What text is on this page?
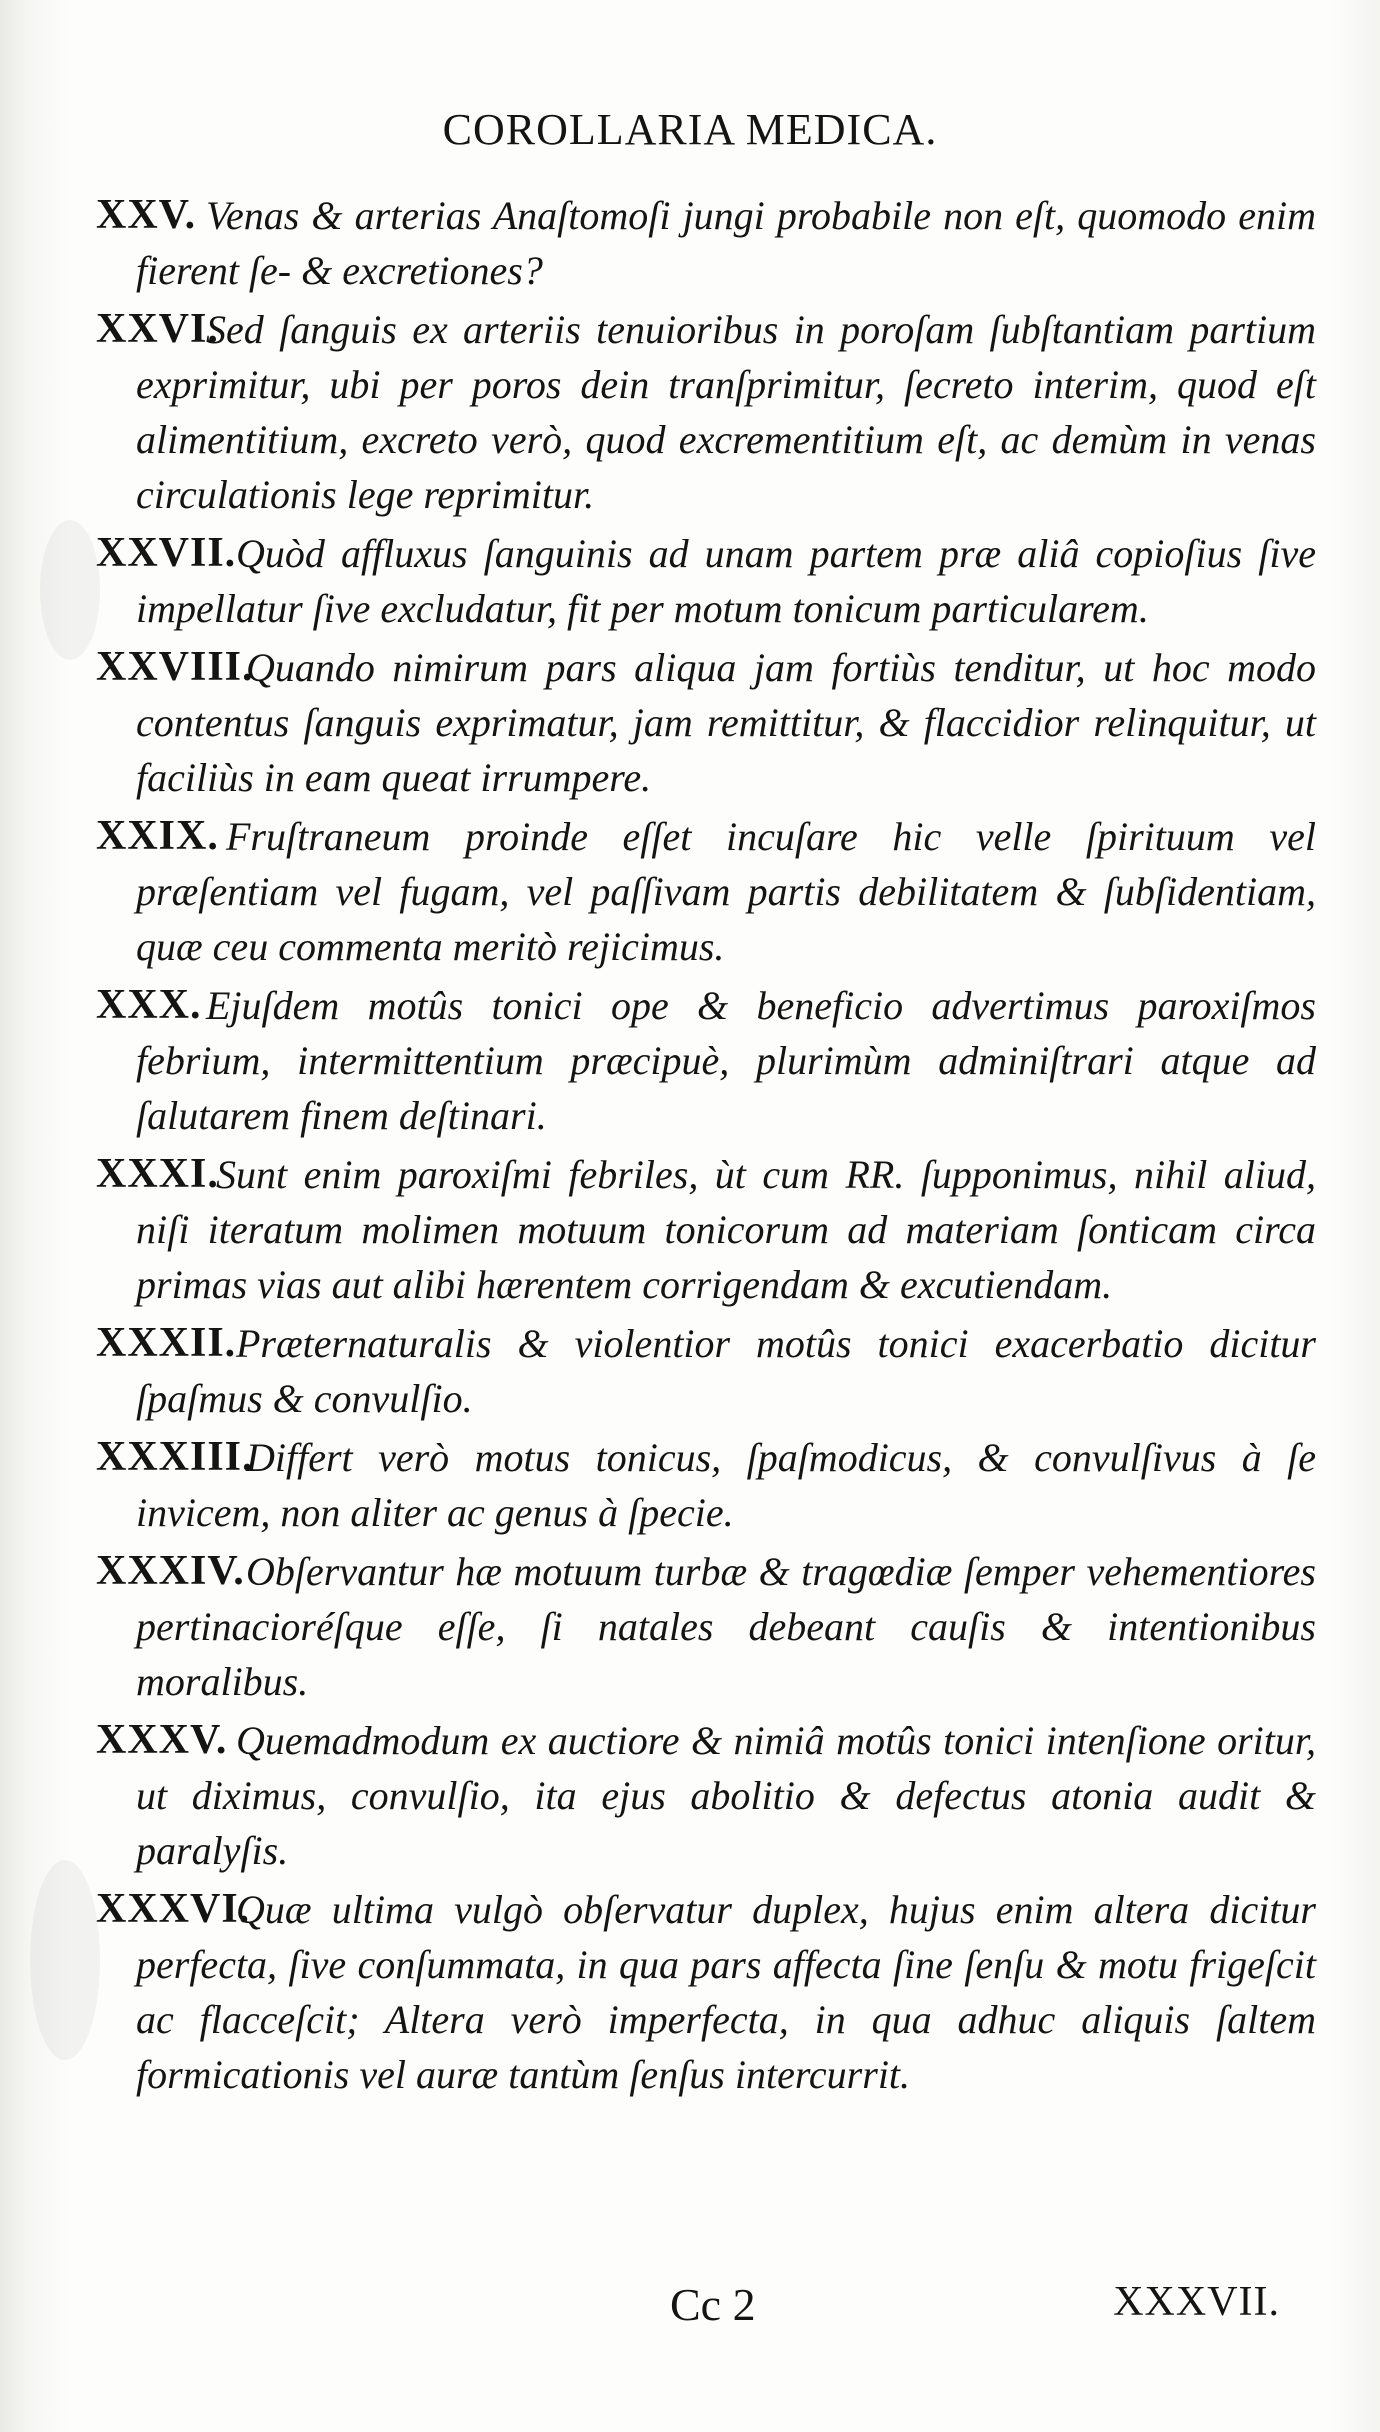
COROLLARIA MEDICA.
XXV. Venas & arterias Anaſtomoſi jungi probabile non eſt, quomodo enim fierent ſe- & excretiones?
XXVI.
Sed ſanguis ex arteriis tenuioribus in poroſam ſubſtantiam partium exprimitur, ubi per poros dein tranſprimitur, ſecreto interim, quod eſt alimentitium, excreto verò, quod excrementitium eſt, ac demùm in venas circulationis lege reprimitur.
XXVII. Quòd affluxus ſanguinis ad unam partem præ aliâ copioſius ſive impellatur ſive excludatur, fit per motum tonicum particularem.
XXVIII.
Quando nimirum pars aliqua jam fortiùs tenditur, ut hoc modo contentus ſanguis exprimatur, jam remittitur, & flaccidior relinquitur, ut faciliùs in eam queat irrumpere.
XXIX. Fruſtraneum proinde eſſet incuſare hic velle ſpirituum vel præſentiam vel fugam, vel paſſivam partis debilitatem & ſubſidentiam, quæ ceu commenta meritò rejicimus.
XXX. Ejuſdem motûs tonici ope & beneficio advertimus paroxiſmos febrium, intermittentium præcipuè, plurimùm adminiſtrari atque ad ſalutarem finem deſtinari.
XXXI.
Sunt enim paroxiſmi febriles, ùt cum RR. ſupponimus, nihil aliud, niſi iteratum molimen motuum tonicorum ad materiam ſonticam circa primas vias aut alibi hærentem corrigendam & excutiendam.
XXXII. Præternaturalis & violentior motûs tonici exacerbatio dicitur ſpaſmus & convulſio.
XXXIII.
Differt verò motus tonicus, ſpaſmodicus, & convulſivus à ſe invicem, non aliter ac genus à ſpecie.
XXXIV. Obſervantur hæ motuum turbæ & tragœdiæ ſemper vehementiores pertinacioréſque eſſe, ſi natales debeant cauſis & intentionibus moralibus.
XXXV. Quemadmodum ex auctiore & nimiâ motûs tonici intenſione oritur, ut diximus, convulſio, ita ejus abolitio & defectus atonia audit & paralyſis.
XXXVI.
Quæ ultima vulgò obſervatur duplex, hujus enim altera dicitur perfecta, ſive conſummata, in qua pars affecta ſine ſenſu & motu frigeſcit ac flacceſcit; Altera verò imperfecta, in qua adhuc aliquis ſaltem formicationis vel auræ tantùm ſenſus intercurrit.
Cc 2	XXXVII.
